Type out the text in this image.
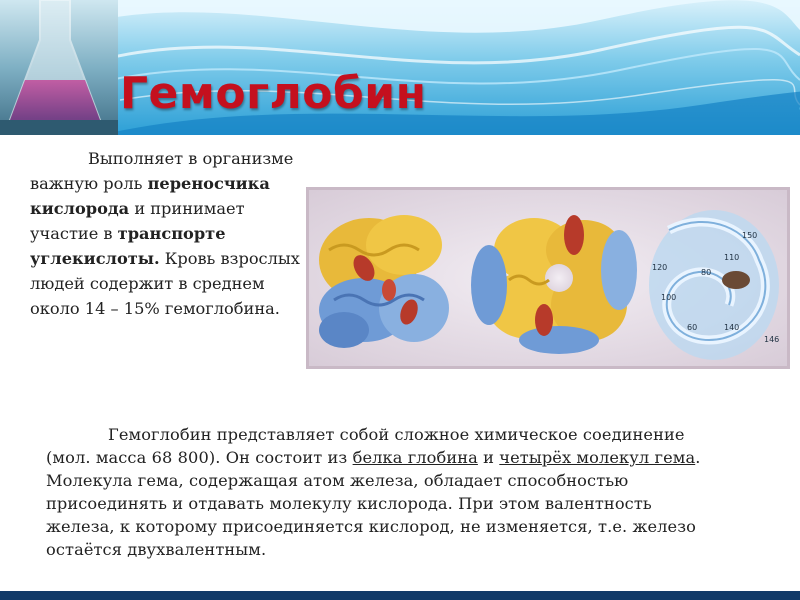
Гемоглобин
Выполняет в организме важную роль переносчика кислорода и принимает участие в транспорте углекислоты. Кровь взрослых людей содержит в среднем около 14 – 15% гемоглобина.
120
100
80
60
150
110
140
146
Гемоглобин представляет собой сложное химическое соединение (мол. масса 68 800). Он состоит из белка глобина и четырёх молекул гема. Молекула гема, содержащая атом железа, обладает способностью присоединять и отдавать молекулу кислорода. При этом валентность железа, к которому присоединяется кислород, не изменяется, т.е. железо остаётся двухвалентным.
